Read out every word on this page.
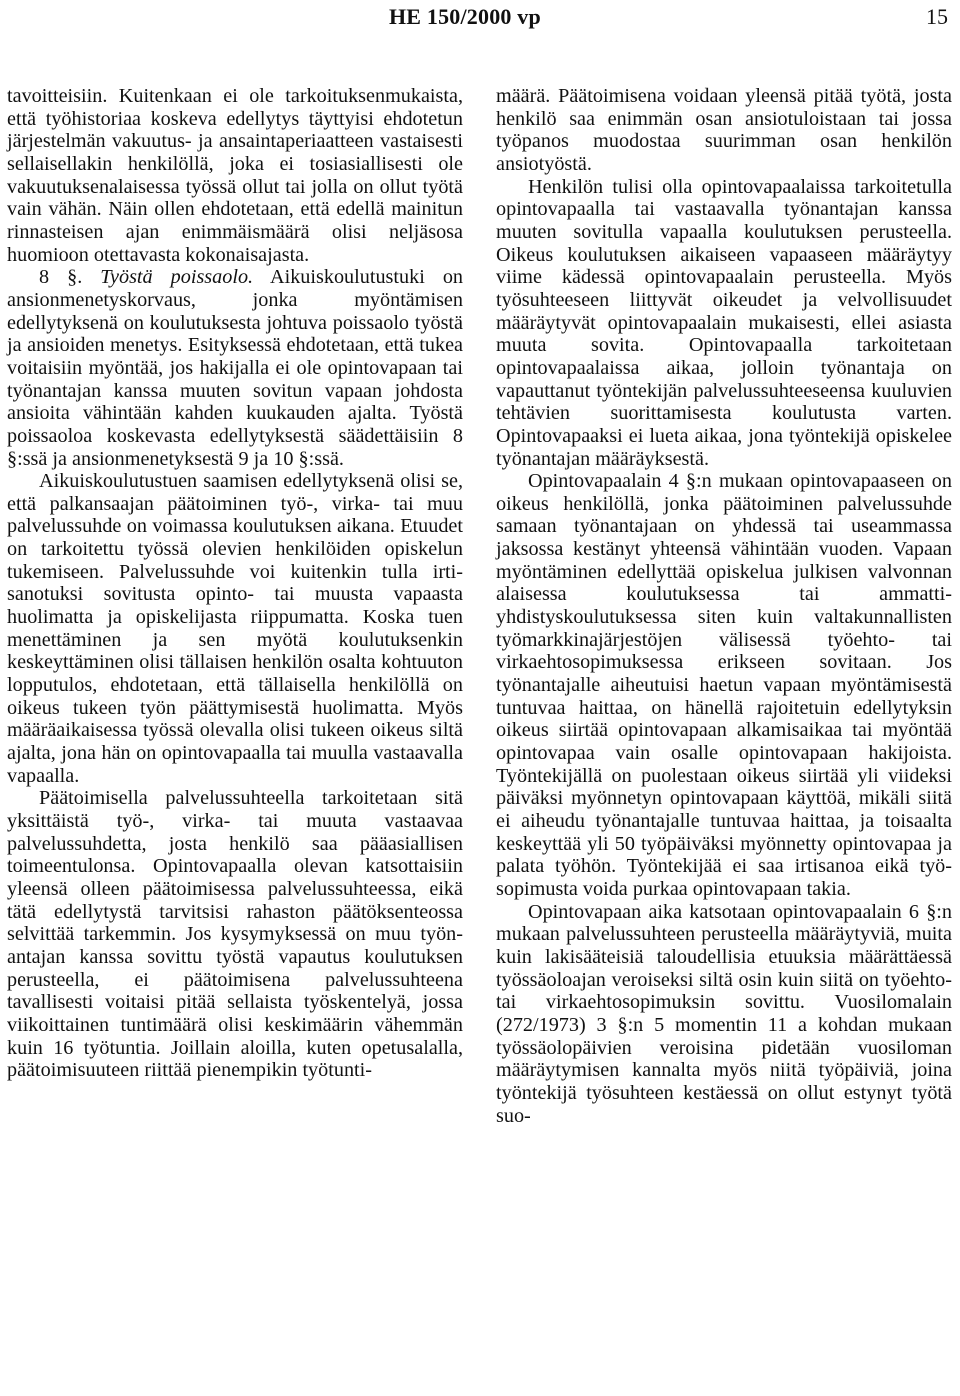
HE 150/2000 vp	15

tavoitteisiin. Kuitenkaan ei ole tarkoituksenmukaista, että työhistoriaa koskeva edellytys täyttyisi ehdotetun järjestelmän vakuutus- ja ansaintaperiaatteen vastaisesti sellaisellakin henkilöllä, joka ei tosiasiallisesti ole vakuutuksenalaisessa työssä ollut tai jolla on ollut työtä vain vähän. Näin ollen ehdotetaan, että edellä mainitun rinnasteisen ajan enimmäismäärä olisi neljäsosa huomioon otettavasta kokonaisajasta.

8 §. Työstä poissaolo. Aikuiskoulutustuki on ansionmenetyskorvaus, jonka myöntämisen edellytyksenä on koulutuksesta johtuva poissaolo työstä ja ansioiden menetys. Esityksessä ehdotetaan, että tukea voitaisiin myöntää, jos hakijalla ei ole opintovapaan tai työnantajan kanssa muuten sovitun vapaan johdosta ansioita vähintään kahden kuukauden ajalta. Työstä poissaoloa koskevasta edellytyksestä säädettäisiin 8 §:ssä ja ansionmenetyksestä 9 ja 10 §:ssä.

Aikuiskoulutustuen saamisen edellytyksenä olisi se, että palkansaajan päätoiminen työ-, virka- tai muu palvelussuhde on voimassa koulutuksen aikana. Etuudet on tarkoitettu työssä olevien henkilöiden opiskelun tukemiseen. Palvelussuhde voi kuitenkin tulla irtisanotuksi sovitusta opinto- tai muusta vapaasta huolimatta ja opiskelijasta riippumatta. Koska tuen menettäminen ja sen myötä koulutuksenkin keskeyttäminen olisi tällaisen henkilön osalta kohtuuton lopputulos, ehdotetaan, että tällaisella henkilöllä on oikeus tukeen työn päättymisestä huolimatta. Myös määräaikaisessa työssä olevalla olisi tukeen oikeus siltä ajalta, jona hän on opintovapaalla tai muulla vastaavalla vapaalla.

Päätoimisella palvelussuhteella tarkoitetaan sitä yksittäistä työ-, virka- tai muuta vastaavaa palvelussuhdetta, josta henkilö saa pääasiallisen toimeentulonsa. Opintovapaalla olevan katsottaisiin yleensä olleen päätoimisessa palvelussuhteessa, eikä tätä edellytystä tarvitsisi rahaston päätöksenteossa selvittää tarkemmin. Jos kysymyksessä on muu työnantajan kanssa sovittu työstä vapautus koulutuksen perusteella, ei päätoimisena palvelussuhteena tavallisesti voitaisi pitää sellaista työskentelyä, jossa viikoittainen tuntimäärä olisi keskimäärin vähemmän kuin 16 työtuntia. Joillain aloilla, kuten opetusalalla, päätoimisuuteen riittää pienempikin työtunti-

määrä. Päätoimisena voidaan yleensä pitää työtä, josta henkilö saa enimmän osan ansiotuloistaan tai jossa työpanos muodostaa suurimman osan henkilön ansiotyöstä.

Henkilön tulisi olla opintovapaalaissa tarkoitetulla opintovapaalla tai vastaavalla työnantajan kanssa muuten sovitulla vapaalla koulutuksen perusteella. Oikeus koulutuksen aikaiseen vapaaseen määräytyy viime kädessä opintovapaalain perusteella. Myös työsuhteeseen liittyvät oikeudet ja velvollisuudet määräytyvät opintovapaalain mukaisesti, ellei asiasta muuta sovita. Opintovapaalla tarkoitetaan opintovapaalaissa aikaa, jolloin työnantaja on vapauttanut työntekijän palvelussuhteeseensa kuuluvien tehtävien suorittamisesta koulutusta varten. Opintovapaaksi ei lueta aikaa, jona työntekijä opiskelee työnantajan määräyksestä.

Opintovapaalain 4 §:n mukaan opintovapaaseen on oikeus henkilöllä, jonka päätoiminen palvelussuhde samaan työnantajaan on yhdessä tai useammassa jaksossa kestänyt yhteensä vähintään vuoden. Vapaan myöntäminen edellyttää opiskelua julkisen valvonnan alaisessa koulutuksessa tai ammattiyhdistyskoulutuksessa siten kuin valtakunnallisten työmarkkinajärjestöjen välisessä työehto- tai virkaehtosopimuksessa erikseen sovitaan. Jos työnantajalle aiheutuisi haetun vapaan myöntämisestä tuntuvaa haittaa, on hänellä rajoitetuin edellytyksin oikeus siirtää opintovapaan alkamisaikaa tai myöntää opintovapaa vain osalle opintovapaan hakijoista. Työntekijällä on puolestaan oikeus siirtää yli viideksi päiväksi myönnetyn opintovapaan käyttöä, mikäli siitä ei aiheudu työnantajalle tuntuvaa haittaa, ja toisaalta keskeyttää yli 50 työpäiväksi myönnetty opintovapaa ja palata työhön. Työntekijää ei saa irtisanoa eikä työsopimusta voida purkaa opintovapaan takia.

Opintovapaan aika katsotaan opintovapaalain 6 §:n mukaan palvelussuhteen perusteella määräytyviä, muita kuin lakisääteisiä taloudellisia etuuksia määrättäessä työssäoloajan veroiseksi siltä osin kuin siitä on työehto- tai virkaehtosopimuksin sovittu. Vuosilomalain (272/1973) 3 §:n 5 momentin 11 a kohdan mukaan työssäolopäivien veroisina pidetään vuosiloman määräytymisen kannalta myös niitä työpäiviä, joina työntekijä työsuhteen kestäessä on ollut estynyt työtä suo-
